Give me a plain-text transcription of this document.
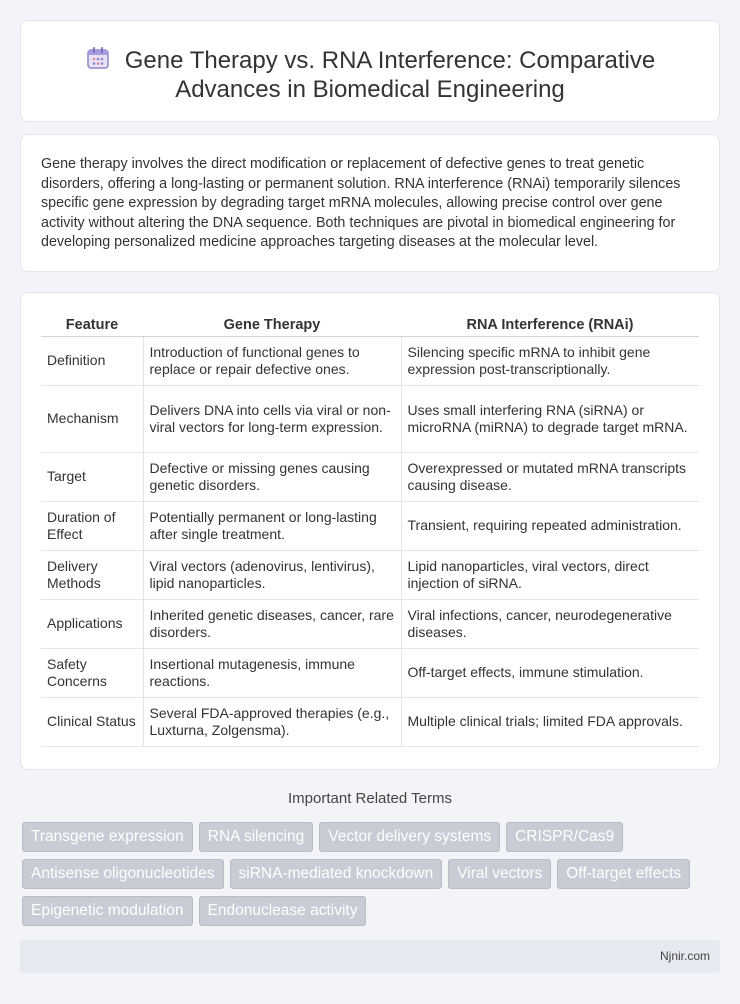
Gene Therapy vs. RNA Interference: Comparative
Advances in Biomedical Engineering

Gene therapy involves the direct modification or replacement of defective genes to treat genetic disorders, offering a long-lasting or permanent solution. RNA interference (RNAi) temporarily silences specific gene expression by degrading target mRNA molecules, allowing precise control over gene activity without altering the DNA sequence. Both techniques are pivotal in biomedical engineering for developing personalized medicine approaches targeting diseases at the molecular level.

Feature	Gene Therapy	RNA Interference (RNAi)
Definition	Introduction of functional genes to replace or repair defective ones.	Silencing specific mRNA to inhibit gene expression post-transcriptionally.
Mechanism	Delivers DNA into cells via viral or non-viral vectors for long-term expression.	Uses small interfering RNA (siRNA) or microRNA (miRNA) to degrade target mRNA.
Target	Defective or missing genes causing genetic disorders.	Overexpressed or mutated mRNA transcripts causing disease.
Duration of Effect	Potentially permanent or long-lasting after single treatment.	Transient, requiring repeated administration.
Delivery Methods	Viral vectors (adenovirus, lentivirus), lipid nanoparticles.	Lipid nanoparticles, viral vectors, direct injection of siRNA.
Applications	Inherited genetic diseases, cancer, rare disorders.	Viral infections, cancer, neurodegenerative diseases.
Safety Concerns	Insertional mutagenesis, immune reactions.	Off-target effects, immune stimulation.
Clinical Status	Several FDA-approved therapies (e.g., Luxturna, Zolgensma).	Multiple clinical trials; limited FDA approvals.
Important Related Terms
Transgene expression	RNA silencing	Vector delivery systems	CRISPR/Cas9
Antisense oligonucleotides	siRNA-mediated knockdown	Viral vectors	Off-target effects
Epigenetic modulation	Endonuclease activity
Njnir.com
